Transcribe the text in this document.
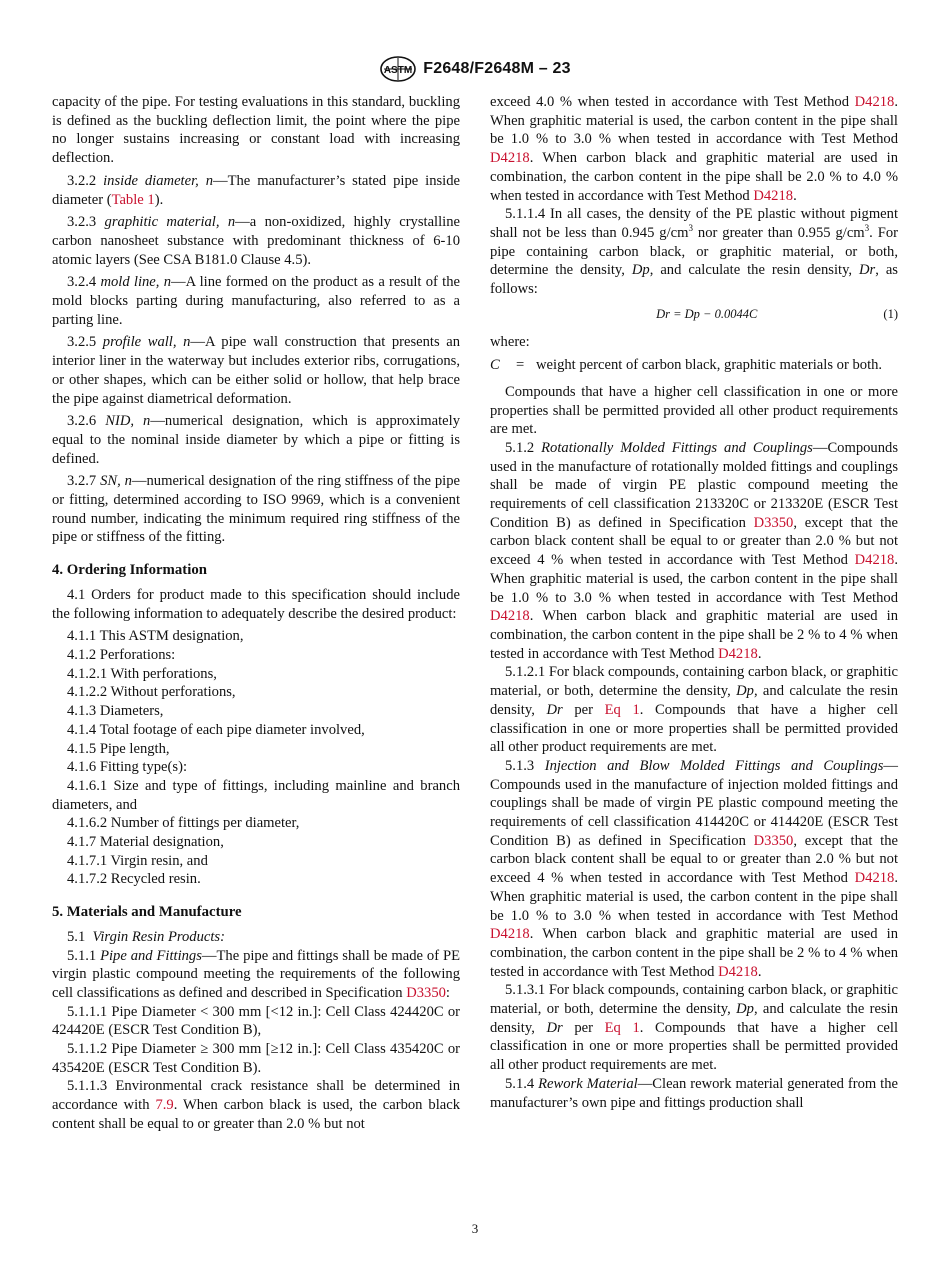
ASTM F2648/F2648M – 23

capacity of the pipe. For testing evaluations in this standard, buckling is defined as the buckling deflection limit, the point where the pipe no longer sustains increasing or constant load with increasing deflection.

3.2.2 inside diameter, n—The manufacturer’s stated pipe inside diameter (Table 1).

3.2.3 graphitic material, n—a non-oxidized, highly crystalline carbon nanosheet substance with predominant thickness of 6-10 atomic layers (See CSA B181.0 Clause 4.5).

3.2.4 mold line, n—A line formed on the product as a result of the mold blocks parting during manufacturing, also referred to as a parting line.

3.2.5 profile wall, n—A pipe wall construction that presents an interior liner in the waterway but includes exterior ribs, corrugations, or other shapes, which can be either solid or hollow, that help brace the pipe against diametrical deformation.

3.2.6 NID, n—numerical designation, which is approximately equal to the nominal inside diameter by which a pipe or fitting is defined.

3.2.7 SN, n—numerical designation of the ring stiffness of the pipe or fitting, determined according to ISO 9969, which is a convenient round number, indicating the minimum required ring stiffness of the pipe or stiffness of the fitting.

4. Ordering Information

4.1 Orders for product made to this specification should include the following information to adequately describe the desired product:

4.1.1 This ASTM designation,

4.1.2 Perforations:

4.1.2.1 With perforations,

4.1.2.2 Without perforations,

4.1.3 Diameters,

4.1.4 Total footage of each pipe diameter involved,

4.1.5 Pipe length,

4.1.6 Fitting type(s):

4.1.6.1 Size and type of fittings, including mainline and branch diameters, and

4.1.6.2 Number of fittings per diameter,

4.1.7 Material designation,

4.1.7.1 Virgin resin, and

4.1.7.2 Recycled resin.

5. Materials and Manufacture

5.1 Virgin Resin Products:

5.1.1 Pipe and Fittings—The pipe and fittings shall be made of PE virgin plastic compound meeting the requirements of the following cell classifications as defined and described in Specification D3350:

5.1.1.1 Pipe Diameter < 300 mm [<12 in.]: Cell Class 424420C or 424420E (ESCR Test Condition B),

5.1.1.2 Pipe Diameter ≥ 300 mm [≥12 in.]: Cell Class 435420C or 435420E (ESCR Test Condition B).

5.1.1.3 Environmental crack resistance shall be determined in accordance with 7.9. When carbon black is used, the carbon black content shall be equal to or greater than 2.0 % but not

exceed 4.0 % when tested in accordance with Test Method D4218. When graphitic material is used, the carbon content in the pipe shall be 1.0 % to 3.0 % when tested in accordance with Test Method D4218. When carbon black and graphitic material are used in combination, the carbon content in the pipe shall be 2.0 % to 4.0 % when tested in accordance with Test Method D4218.

5.1.1.4 In all cases, the density of the PE plastic without pigment shall not be less than 0.945 $g/cm^3$ nor greater than 0.955 $g/cm^3$. For pipe containing carbon black, or graphitic material, or both, determine the density, Dp, and calculate the resin density, Dr, as follows:

Dr = Dp − 0.0044C	(1)

where:

C	= weight percent of carbon black, graphitic materials or both.

Compounds that have a higher cell classification in one or more properties shall be permitted provided all other product requirements are met.

5.1.2 Rotationally Molded Fittings and Couplings—Compounds used in the manufacture of rotationally molded fittings and couplings shall be made of virgin PE plastic compound meeting the requirements of cell classification 213320C or 213320E (ESCR Test Condition B) as defined in Specification D3350, except that the carbon black content shall be equal to or greater than 2.0 % but not exceed 4 % when tested in accordance with Test Method D4218. When graphitic material is used, the carbon content in the pipe shall be 1.0 % to 3.0 % when tested in accordance with Test Method D4218. When carbon black and graphitic material are used in combination, the carbon content in the pipe shall be 2 % to 4 % when tested in accordance with Test Method D4218.

5.1.2.1 For black compounds, containing carbon black, or graphitic material, or both, determine the density, Dp, and calculate the resin density, Dr per Eq 1. Compounds that have a higher cell classification in one or more properties shall be permitted provided all other product requirements are met.

5.1.3 Injection and Blow Molded Fittings and Couplings—Compounds used in the manufacture of injection molded fittings and couplings shall be made of virgin PE plastic compound meeting the requirements of cell classification 414420C or 414420E (ESCR Test Condition B) as defined in Specification D3350, except that the carbon black content shall be equal to or greater than 2.0 % but not exceed 4 % when tested in accordance with Test Method D4218. When graphitic material is used, the carbon content in the pipe shall be 1.0 % to 3.0 % when tested in accordance with Test Method D4218. When carbon black and graphitic material are used in combination, the carbon content in the pipe shall be 2 % to 4 % when tested in accordance with Test Method D4218.

5.1.3.1 For black compounds, containing carbon black, or graphitic material, or both, determine the density, Dp, and calculate the resin density, Dr per Eq 1. Compounds that have a higher cell classification in one or more properties shall be permitted provided all other product requirements are met.

5.1.4 Rework Material—Clean rework material generated from the manufacturer’s own pipe and fittings production shall

3
